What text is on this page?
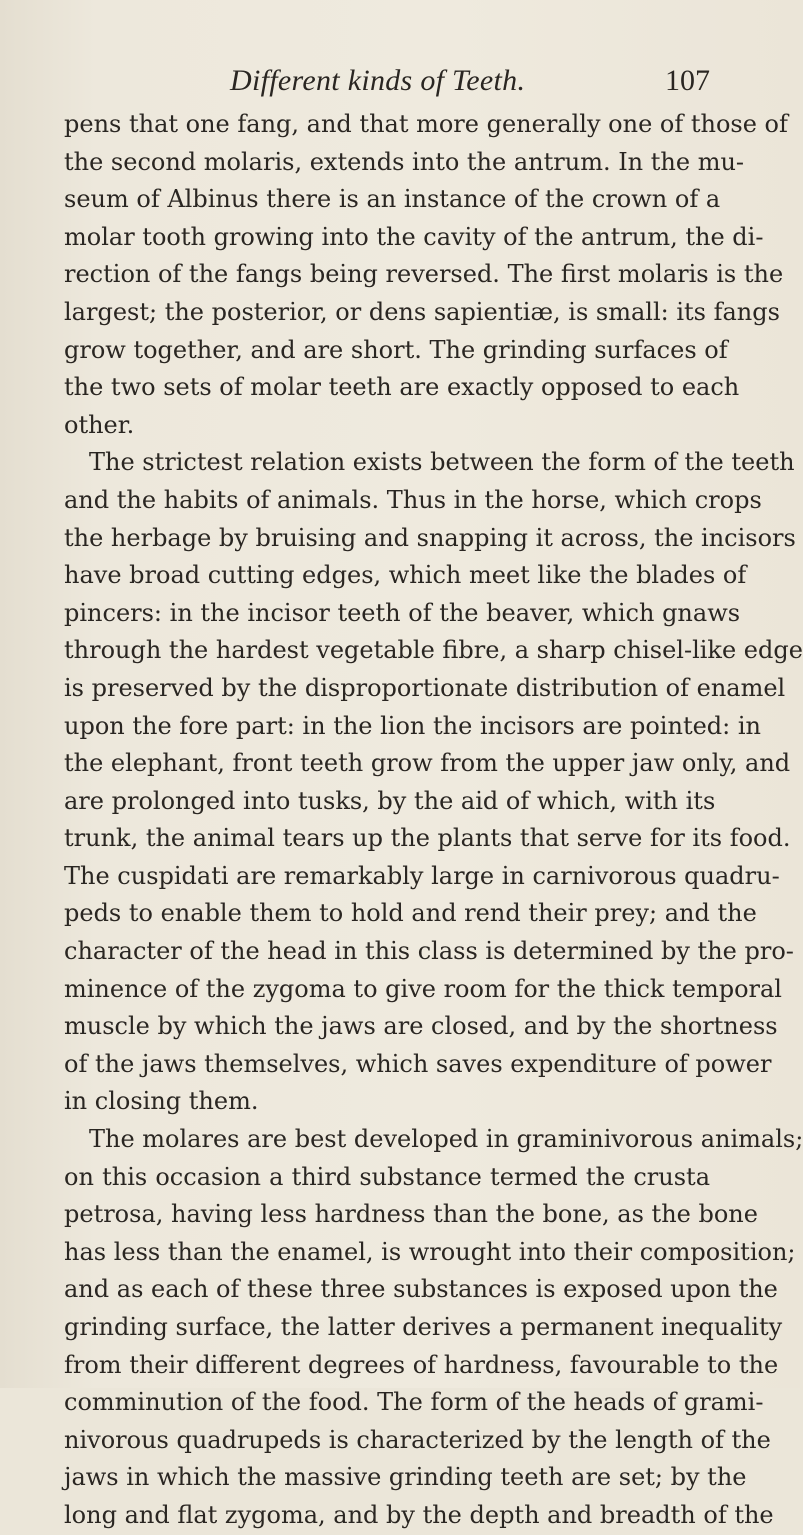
Different kinds of Teeth.	107
pens that one fang, and that more generally one of those of
the second molaris, extends into the antrum. In the mu-
seum of Albinus there is an instance of the crown of a
molar tooth growing into the cavity of the antrum, the di-
rection of the fangs being reversed. The first molaris is the
largest; the posterior, or dens sapientiæ, is small: its fangs
grow together, and are short. The grinding surfaces of
the two sets of molar teeth are exactly opposed to each
other.
The strictest relation exists between the form of the teeth
and the habits of animals. Thus in the horse, which crops
the herbage by bruising and snapping it across, the incisors
have broad cutting edges, which meet like the blades of
pincers: in the incisor teeth of the beaver, which gnaws
through the hardest vegetable fibre, a sharp chisel-like edge
is preserved by the disproportionate distribution of enamel
upon the fore part: in the lion the incisors are pointed: in
the elephant, front teeth grow from the upper jaw only, and
are prolonged into tusks, by the aid of which, with its
trunk, the animal tears up the plants that serve for its food.
The cuspidati are remarkably large in carnivorous quadru-
peds to enable them to hold and rend their prey; and the
character of the head in this class is determined by the pro-
minence of the zygoma to give room for the thick temporal
muscle by which the jaws are closed, and by the shortness
of the jaws themselves, which saves expenditure of power
in closing them.
The molares are best developed in graminivorous animals;
on this occasion a third substance termed the crusta
petrosa, having less hardness than the bone, as the bone
has less than the enamel, is wrought into their composition;
and as each of these three substances is exposed upon the
grinding surface, the latter derives a permanent inequality
from their different degrees of hardness, favourable to the
comminution of the food. The form of the heads of grami-
nivorous quadrupeds is characterized by the length of the
jaws in which the massive grinding teeth are set; by the
long and flat zygoma, and by the depth and breadth of the
